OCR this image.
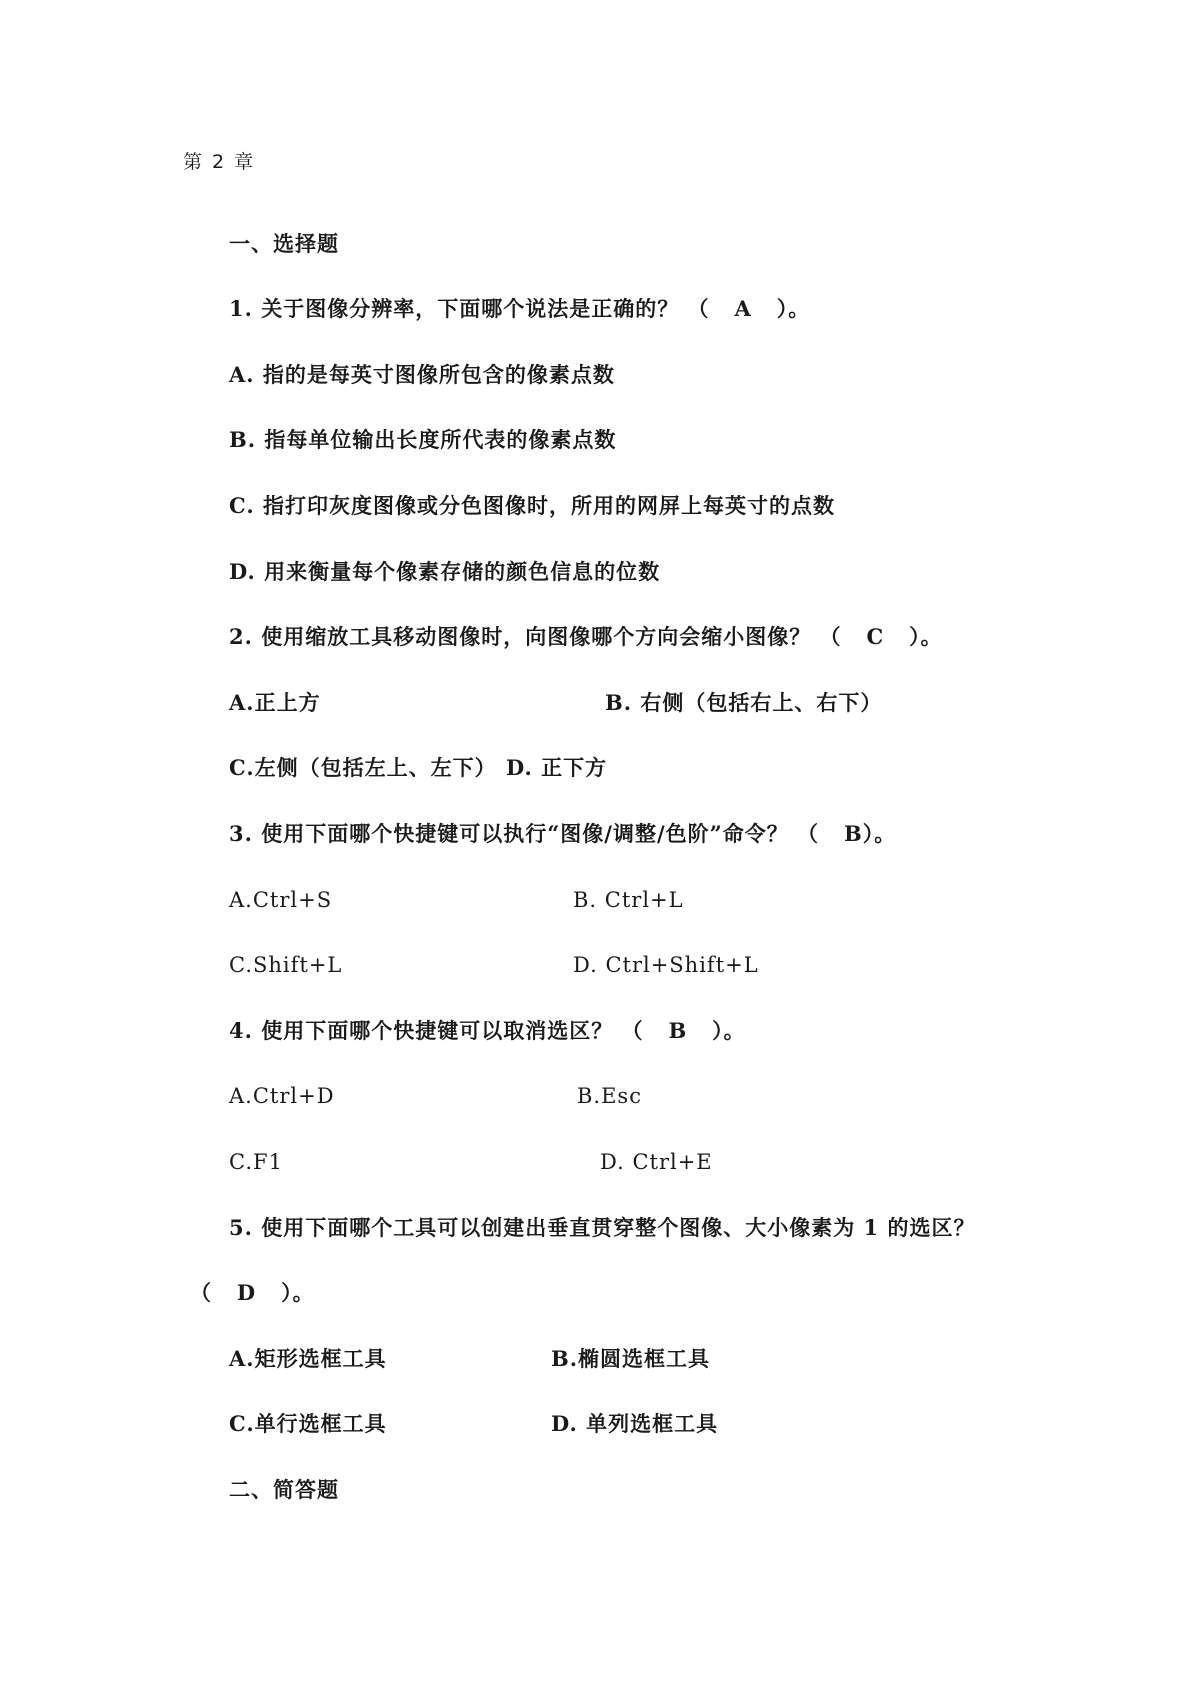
第 2 章
一、选择题
1. 关于图像分辨率，下面哪个说法是正确的？ （   A   ）。
A. 指的是每英寸图像所包含的像素点数
B. 指每单位输出长度所代表的像素点数
C. 指打印灰度图像或分色图像时，所用的网屏上每英寸的点数
D. 用来衡量每个像素存储的颜色信息的位数
2. 使用缩放工具移动图像时，向图像哪个方向会缩小图像？ （   C   ）。
A.正上方	B. 右侧（包括右上、右下）
C.左侧（包括左上、左下） D. 正下方
3. 使用下面哪个快捷键可以执行“图像/调整/色阶”命令？ （   B）。
A.Ctrl+S	B. Ctrl+L
C.Shift+L	D. Ctrl+Shift+L
4. 使用下面哪个快捷键可以取消选区？ （   B   ）。
A.Ctrl+D	B.Esc
C.F1	D. Ctrl+E
5. 使用下面哪个工具可以创建出垂直贯穿整个图像、大小像素为 1 的选区？
（   D   ）。
A.矩形选框工具	B.椭圆选框工具
C.单行选框工具	D. 单列选框工具
二、简答题
